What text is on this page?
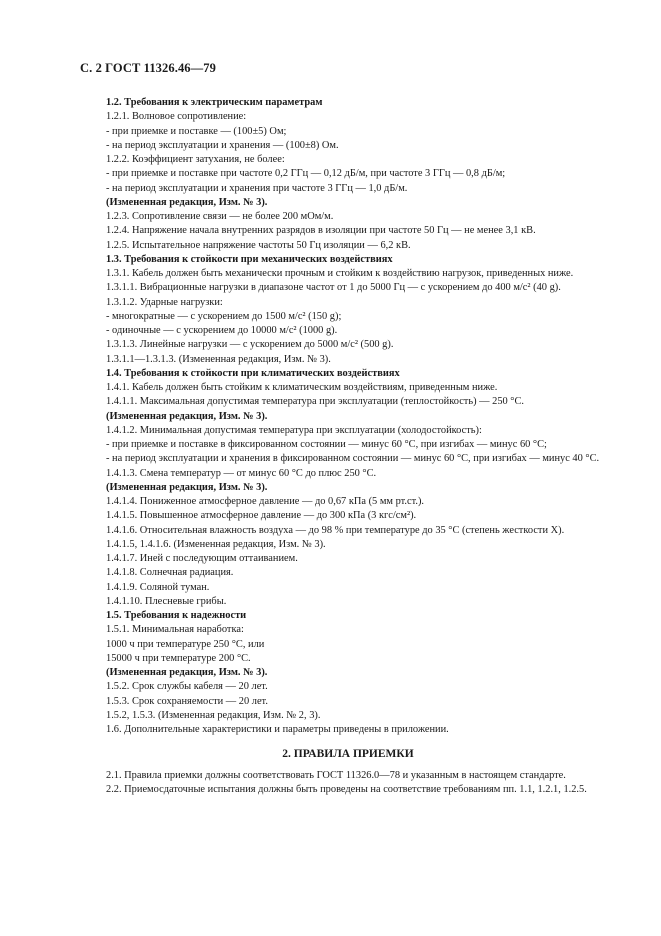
С. 2 ГОСТ 11326.46—79
1.2. Требования к электрическим параметрам
1.2.1. Волновое сопротивление:
- при приемке и поставке — (100±5) Ом;
- на период эксплуатации и хранения — (100±8) Ом.
1.2.2. Коэффициент затухания, не более:
- при приемке и поставке при частоте 0,2 ГГц — 0,12 дБ/м, при частоте 3 ГГц — 0,8 дБ/м;
- на период эксплуатации и хранения при частоте 3 ГГц — 1,0 дБ/м.
(Измененная редакция, Изм. № 3).
1.2.3. Сопротивление связи — не более 200 мОм/м.
1.2.4. Напряжение начала внутренних разрядов в изоляции при частоте 50 Гц — не менее 3,1 кВ.
1.2.5. Испытательное напряжение частоты 50 Гц изоляции — 6,2 кВ.
1.3. Требования к стойкости при механических воздействиях
1.3.1. Кабель должен быть механически прочным и стойким к воздействию нагрузок, приведенных ниже.
1.3.1.1. Вибрационные нагрузки в диапазоне частот от 1 до 5000 Гц — с ускорением до 400 м/с² (40 g).
1.3.1.2. Ударные нагрузки:
- многократные — с ускорением до 1500 м/с² (150 g);
- одиночные — с ускорением до 10000 м/с² (1000 g).
1.3.1.3. Линейные нагрузки — с ускорением до 5000 м/с² (500 g).
1.3.1.1—1.3.1.3. (Измененная редакция, Изм. № 3).
1.4. Требования к стойкости при климатических воздействиях
1.4.1. Кабель должен быть стойким к климатическим воздействиям, приведенным ниже.
1.4.1.1. Максимальная допустимая температура при эксплуатации (теплостойкость) — 250 °С.
(Измененная редакция, Изм. № 3).
1.4.1.2. Минимальная допустимая температура при эксплуатации (холодостойкость):
- при приемке и поставке в фиксированном состоянии — минус 60 °С, при изгибах — минус 60 °С;
- на период эксплуатации и хранения в фиксированном состоянии — минус 60 °С, при изгибах — минус 40 °С.
1.4.1.3. Смена температур — от минус 60 °С до плюс 250 °С.
(Измененная редакция, Изм. № 3).
1.4.1.4. Пониженное атмосферное давление — до 0,67 кПа (5 мм рт.ст.).
1.4.1.5. Повышенное атмосферное давление — до 300 кПа (3 кгс/см²).
1.4.1.6. Относительная влажность воздуха — до 98 % при температуре до 35 °С (степень жесткости X).
1.4.1.5, 1.4.1.6. (Измененная редакция, Изм. № 3).
1.4.1.7. Иней с последующим оттаиванием.
1.4.1.8. Солнечная радиация.
1.4.1.9. Соляной туман.
1.4.1.10. Плесневые грибы.
1.5. Требования к надежности
1.5.1. Минимальная наработка:
1000 ч при температуре 250 °С, или
15000 ч при температуре 200 °С.
(Измененная редакция, Изм. № 3).
1.5.2. Срок службы кабеля — 20 лет.
1.5.3. Срок сохраняемости — 20 лет.
1.5.2, 1.5.3. (Измененная редакция, Изм. № 2, 3).
1.6. Дополнительные характеристики и параметры приведены в приложении.
2. ПРАВИЛА ПРИЕМКИ
2.1. Правила приемки должны соответствовать ГОСТ 11326.0—78 и указанным в настоящем стандарте.
2.2. Приемосдаточные испытания должны быть проведены на соответствие требованиям пп. 1.1, 1.2.1, 1.2.5.
